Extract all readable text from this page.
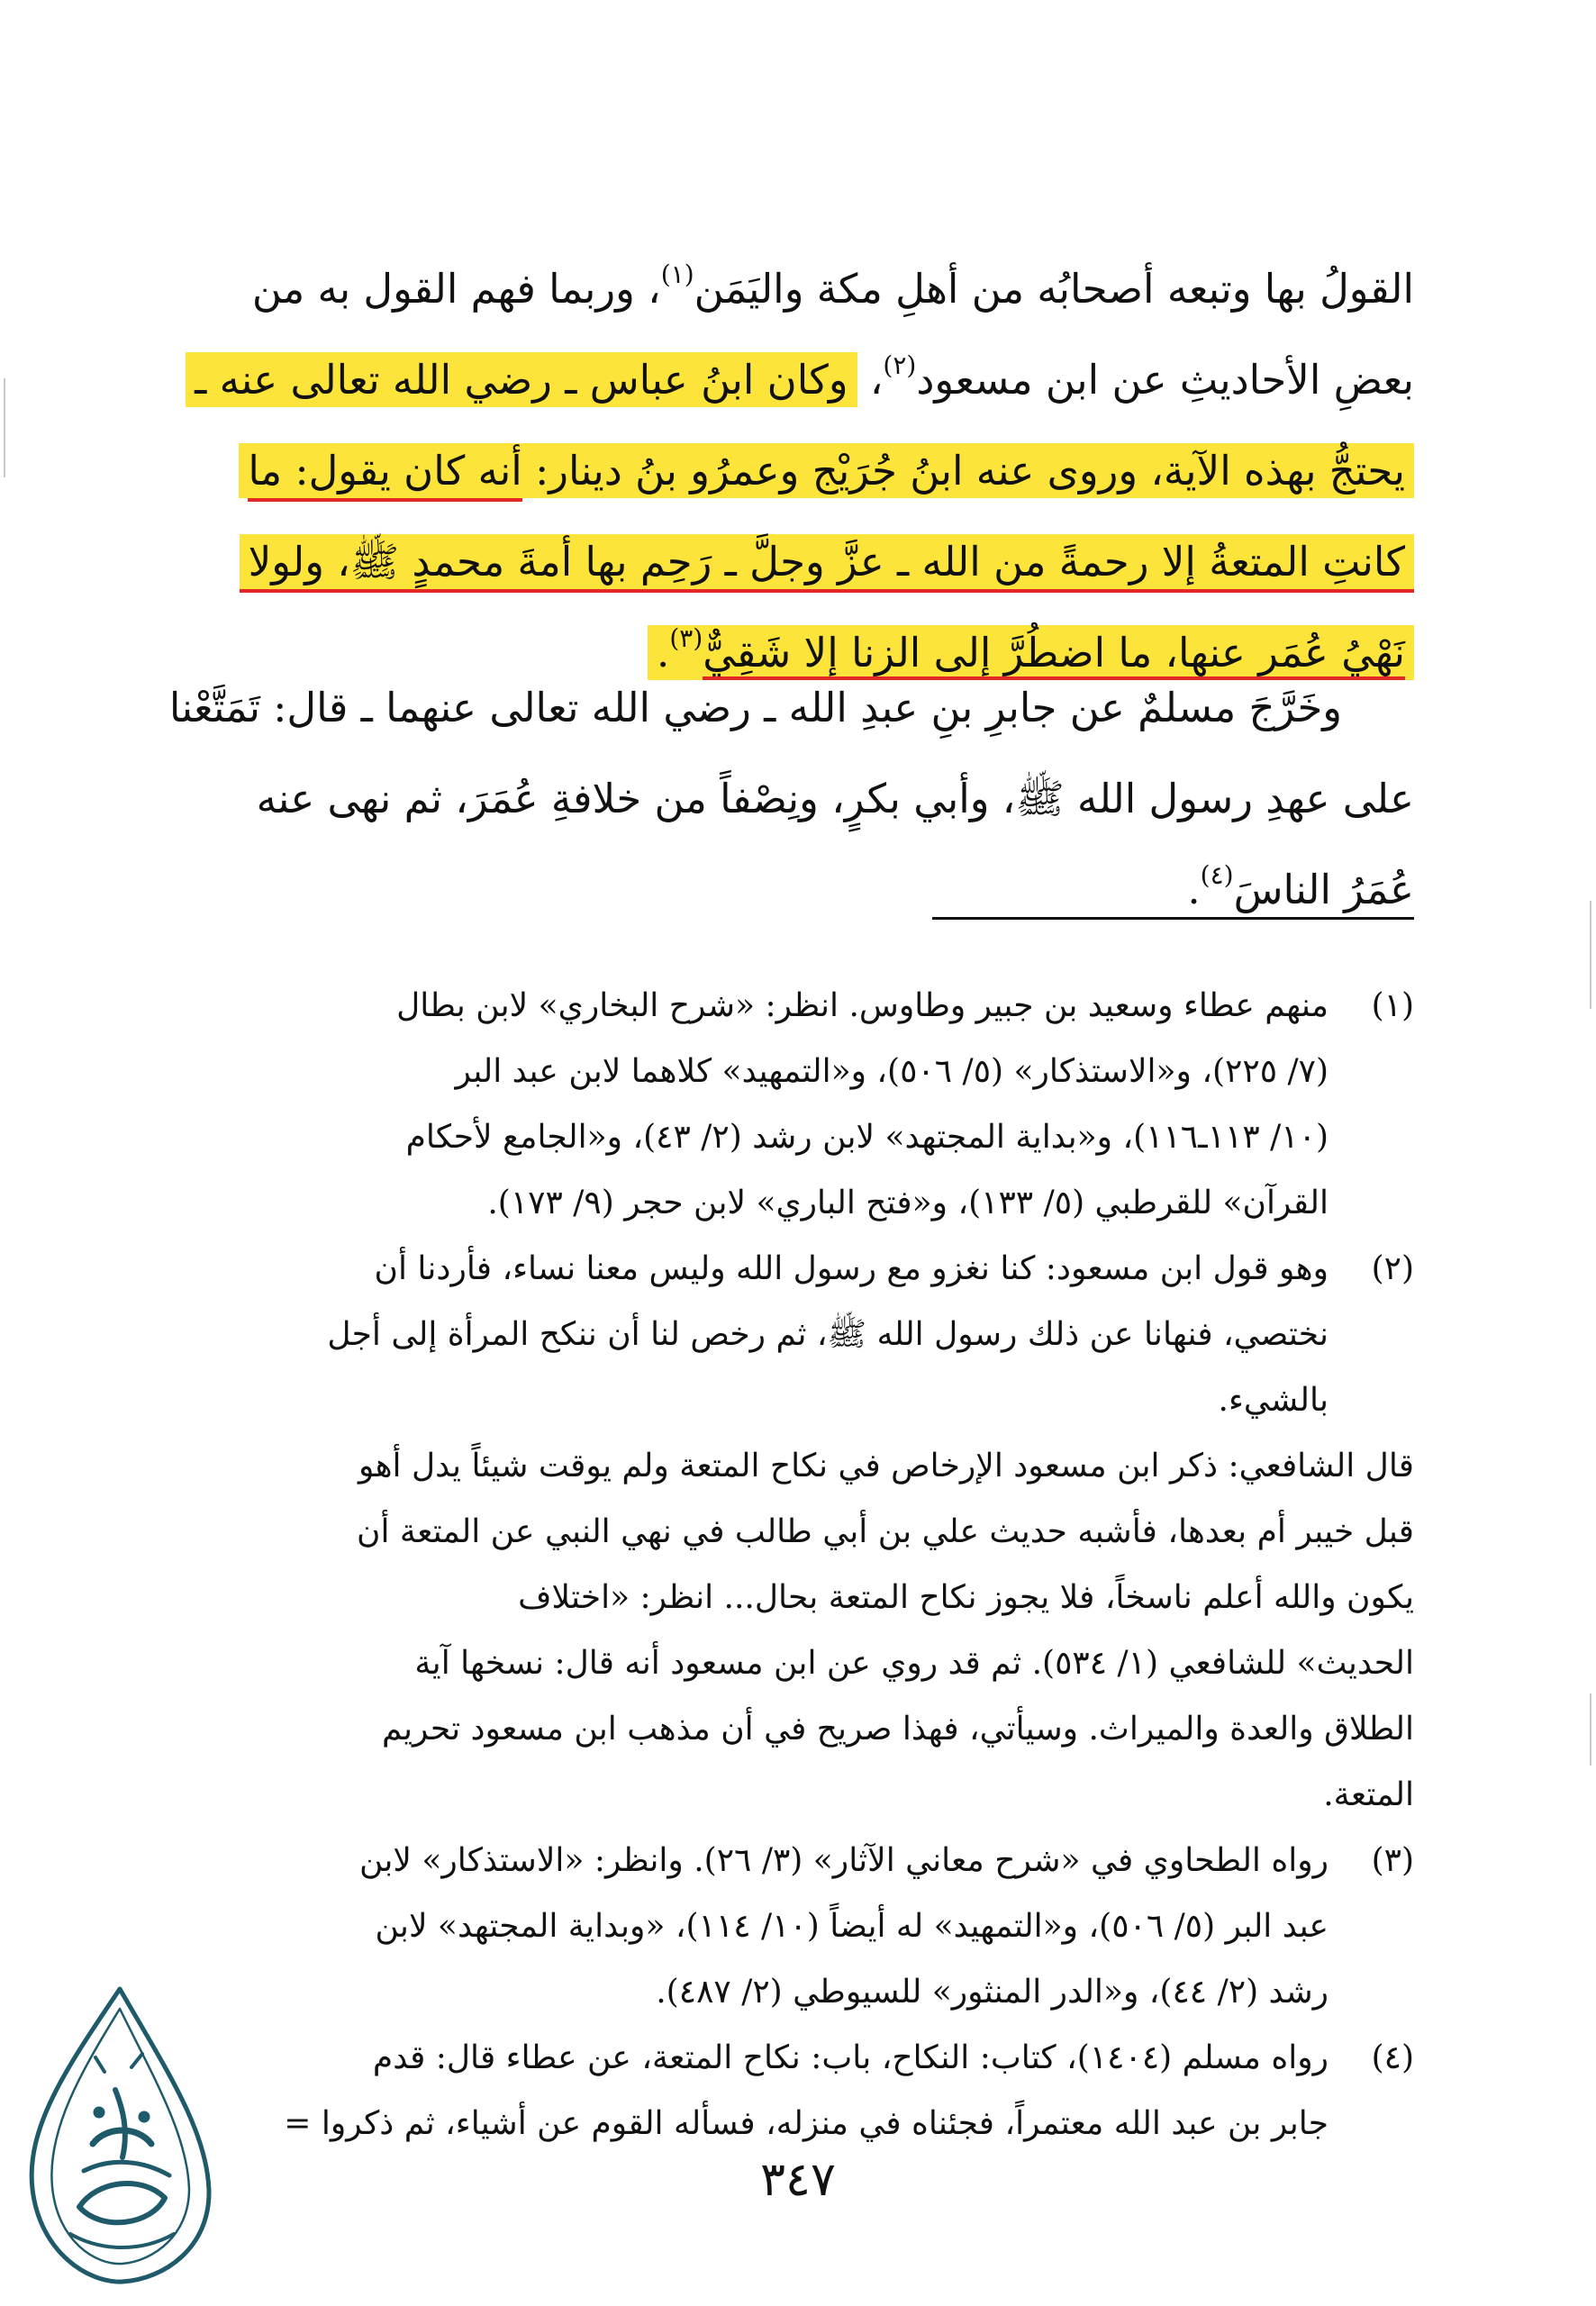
القولُ بها وتبعه أصحابُه من أهلِ مكة واليَمَن$^{(١)}$، وربما فهم القول به من
بعضِ الأحاديثِ عن ابن مسعود$^{(٢)}$، وكان ابنُ عباس ـ رضي الله تعالى عنه ـ
يحتجُّ بهذه الآية، وروى عنه ابنُ جُرَيْج وعمرُو بنُ دينار: أنه كان يقول: ما
كانتِ المتعةُ إلا رحمةً من الله ـ عزَّ وجلَّ ـ رَحِم بها أمةَ محمدٍ ﷺ، ولولا
نَهْيُ عُمَر عنها، ما اضطُرَّ إلى الزنا إلا شَقِيٌّ$^{(٣)}$.
وخَرَّجَ مسلمٌ عن جابرِ بنِ عبدِ الله ـ رضي الله تعالى عنهما ـ قال: تَمَتَّعْنا
على عهدِ رسول الله ﷺ، وأبي بكرٍ، ونِصْفاً من خلافةِ عُمَرَ، ثم نهى عنه
عُمَرُ الناسَ$^{(٤)}$.
(١)
منهم عطاء وسعيد بن جبير وطاوس. انظر: «شرح البخاري» لابن بطال
(٧/ ٢٢٥)، و«الاستذكار» (٥/ ٥٠٦)، و«التمهيد» كلاهما لابن عبد البر
(١٠/ ١١٣ـ١١٦)، و«بداية المجتهد» لابن رشد (٢/ ٤٣)، و«الجامع لأحكام
القرآن» للقرطبي (٥/ ١٣٣)، و«فتح الباري» لابن حجر (٩/ ١٧٣).
(٢)
وهو قول ابن مسعود: كنا نغزو مع رسول الله وليس معنا نساء، فأردنا أن
نختصي، فنهانا عن ذلك رسول الله ﷺ، ثم رخص لنا أن ننكح المرأة إلى أجل
بالشيء.
قال الشافعي: ذكر ابن مسعود الإرخاص في نكاح المتعة ولم يوقت شيئاً يدل أهو
قبل خيبر أم بعدها، فأشبه حديث علي بن أبي طالب في نهي النبي عن المتعة أن
يكون والله أعلم ناسخاً، فلا يجوز نكاح المتعة بحال... انظر: «اختلاف
الحديث» للشافعي (١/ ٥٣٤). ثم قد روي عن ابن مسعود أنه قال: نسخها آية
الطلاق والعدة والميراث. وسيأتي، فهذا صريح في أن مذهب ابن مسعود تحريم
المتعة.
(٣)
رواه الطحاوي في «شرح معاني الآثار» (٣/ ٢٦). وانظر: «الاستذكار» لابن
عبد البر (٥/ ٥٠٦)، و«التمهيد» له أيضاً (١٠/ ١١٤)، «وبداية المجتهد» لابن
رشد (٢/ ٤٤)، و«الدر المنثور» للسيوطي (٢/ ٤٨٧).
(٤)
رواه مسلم (١٤٠٤)، كتاب: النكاح، باب: نكاح المتعة، عن عطاء قال: قدم
جابر بن عبد الله معتمراً، فجئناه في منزله، فسأله القوم عن أشياء، ثم ذكروا =
٣٤٧
